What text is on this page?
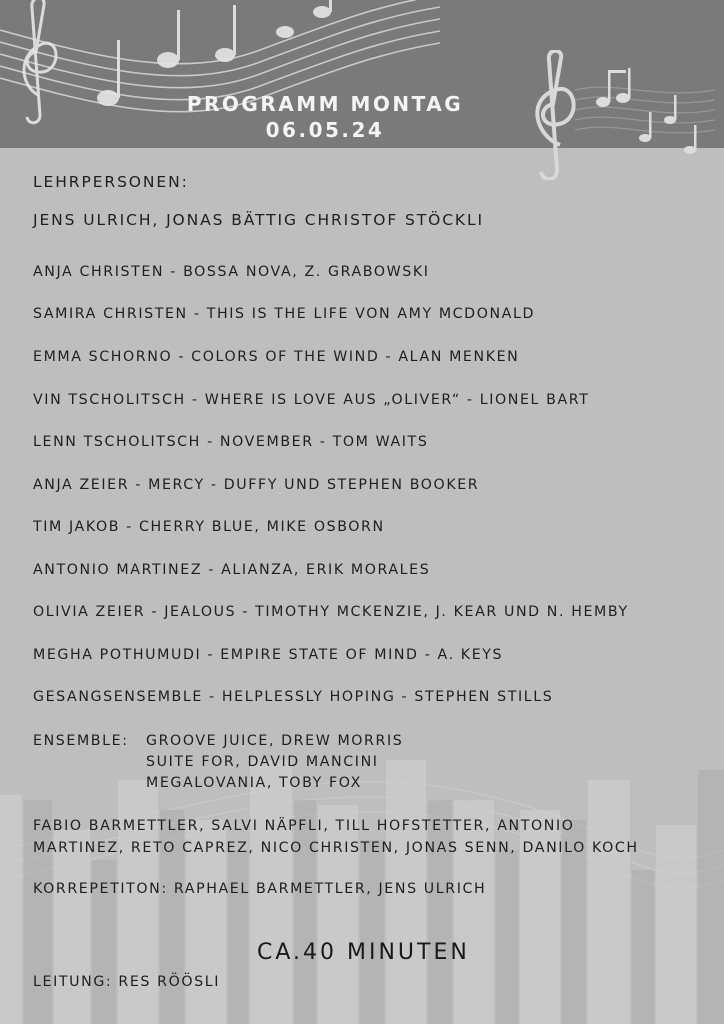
PROGRAMM MONTAG
06.05.24
LEHRPERSONEN:
JENS ULRICH, JONAS BÄTTIG CHRISTOF STÖCKLI
ANJA CHRISTEN - BOSSA NOVA, Z. GRABOWSKI
SAMIRA CHRISTEN - THIS IS THE LIFE VON AMY MCDONALD
EMMA SCHORNO - COLORS OF THE WIND - ALAN MENKEN
VIN TSCHOLITSCH - WHERE IS LOVE AUS „OLIVER“ - LIONEL BART
LENN TSCHOLITSCH - NOVEMBER - TOM WAITS
ANJA ZEIER - MERCY - DUFFY UND STEPHEN BOOKER
TIM JAKOB - CHERRY BLUE, MIKE OSBORN
ANTONIO MARTINEZ - ALIANZA, ERIK MORALES
OLIVIA ZEIER - JEALOUS - TIMOTHY MCKENZIE, J. KEAR UND N. HEMBY
MEGHA POTHUMUDI - EMPIRE STATE OF MIND - A. KEYS
GESANGSENSEMBLE - HELPLESSLY HOPING - STEPHEN STILLS
ENSEMBLE: GROOVE JUICE, DREW MORRIS
SUITE FOR, DAVID MANCINI
MEGALOVANIA, TOBY FOX
FABIO BARMETTLER, SALVI NÄPFLI, TILL HOFSTETTER, ANTONIO
MARTINEZ, RETO CAPREZ, NICO CHRISTEN, JONAS SENN, DANILO KOCH
KORREPETITON: RAPHAEL BARMETTLER, JENS ULRICH
CA.40 MINUTEN
LEITUNG: RES RÖÖSLI
